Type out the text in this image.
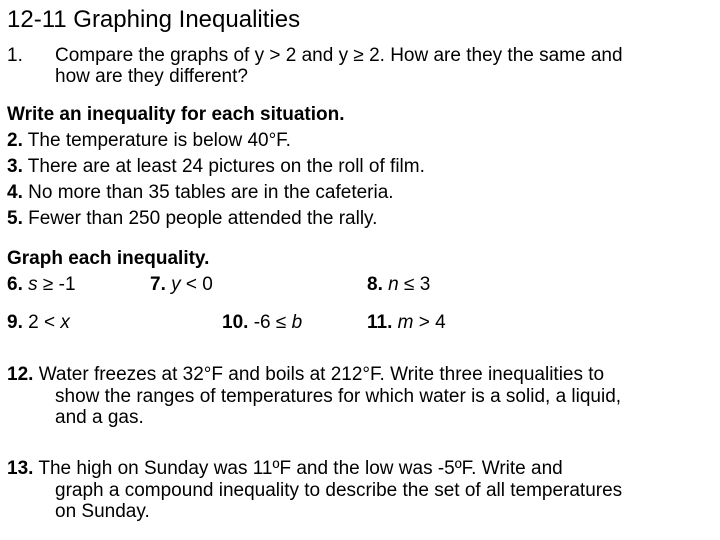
12-11 Graphing Inequalities
1. Compare the graphs of y > 2 and y ≥ 2. How are they the same and
how are they different?
Write an inequality for each situation.
2. The temperature is below 40°F.
3. There are at least 24 pictures on the roll of film.
4. No more than 35 tables are in the cafeteria.
5. Fewer than 250 people attended the rally.
Graph each inequality.
6. s ≥ -1	7. y < 0	8. n ≤ 3
9. 2 < x	10. -6 ≤ b	11. m > 4
12. Water freezes at 32°F and boils at 212°F. Write three inequalities to
show the ranges of temperatures for which water is a solid, a liquid,
and a gas.
13. The high on Sunday was 11ºF and the low was -5ºF. Write and
graph a compound inequality to describe the set of all temperatures
on Sunday.
